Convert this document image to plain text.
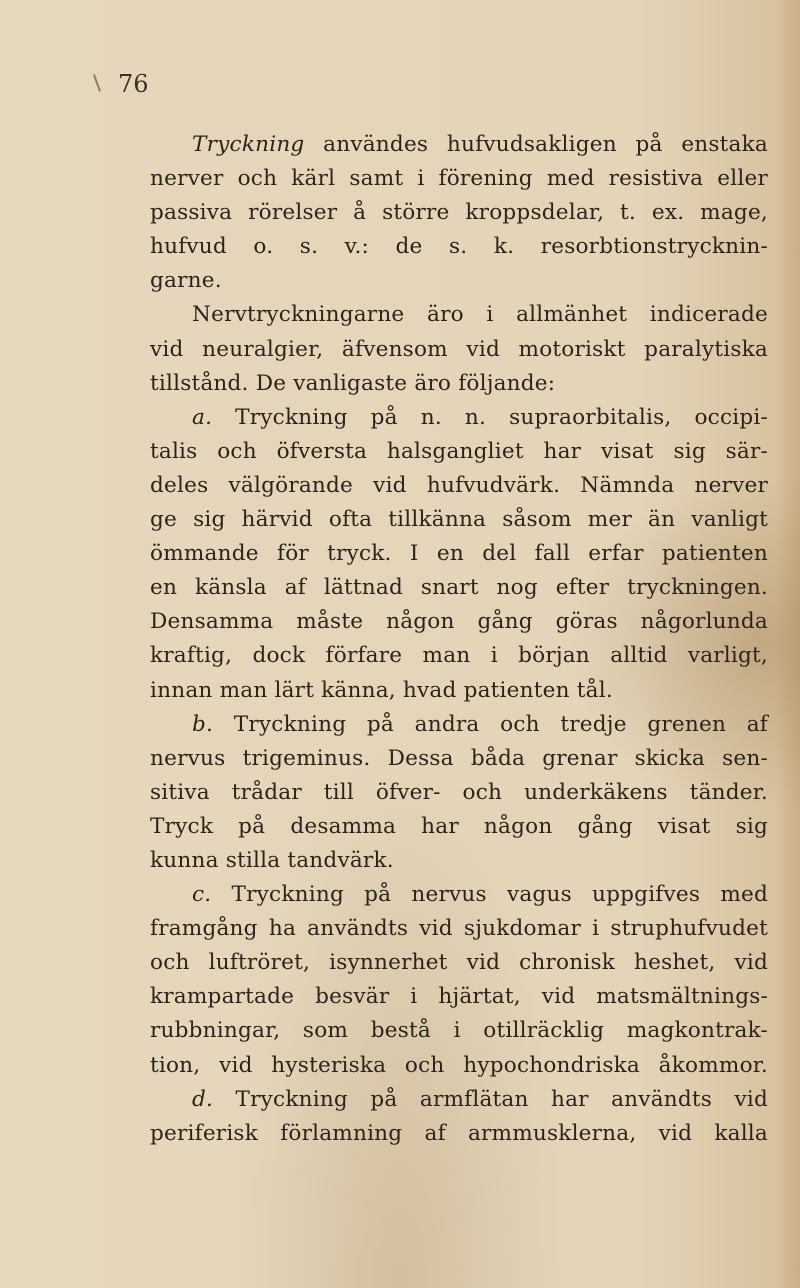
76
Tryckning användes hufvudsakligen på enstaka
nerver och kärl samt i förening med resistiva eller
passiva rörelser å större kroppsdelar, t. ex. mage,
hufvud o. s. v.: de s. k. resorbtionstrycknin-
garne.
Nervtryckningarne äro i allmänhet indicerade
vid neuralgier, äfvensom vid motoriskt paralytiska
tillstånd. De vanligaste äro följande:
a. Tryckning på n. n. supraorbitalis, occipi-
talis och öfversta halsgangliet har visat sig sär-
deles välgörande vid hufvudvärk. Nämnda nerver
ge sig härvid ofta tillkänna såsom mer än vanligt
ömmande för tryck. I en del fall erfar patienten
en känsla af lättnad snart nog efter tryckningen.
Densamma måste någon gång göras någorlunda
kraftig, dock förfare man i början alltid varligt,
innan man lärt känna, hvad patienten tål.
b. Tryckning på andra och tredje grenen af
nervus trigeminus. Dessa båda grenar skicka sen-
sitiva trådar till öfver- och underkäkens tänder.
Tryck på desamma har någon gång visat sig
kunna stilla tandvärk.
c. Tryckning på nervus vagus uppgifves med
framgång ha användts vid sjukdomar i struphufvudet
och luftröret, isynnerhet vid chronisk heshet, vid
krampartade besvär i hjärtat, vid matsmältnings-
rubbningar, som bestå i otillräcklig magkontrak-
tion, vid hysteriska och hypochondriska åkommor.
d. Tryckning på armflätan har användts vid
periferisk förlamning af armmusklerna, vid kalla
